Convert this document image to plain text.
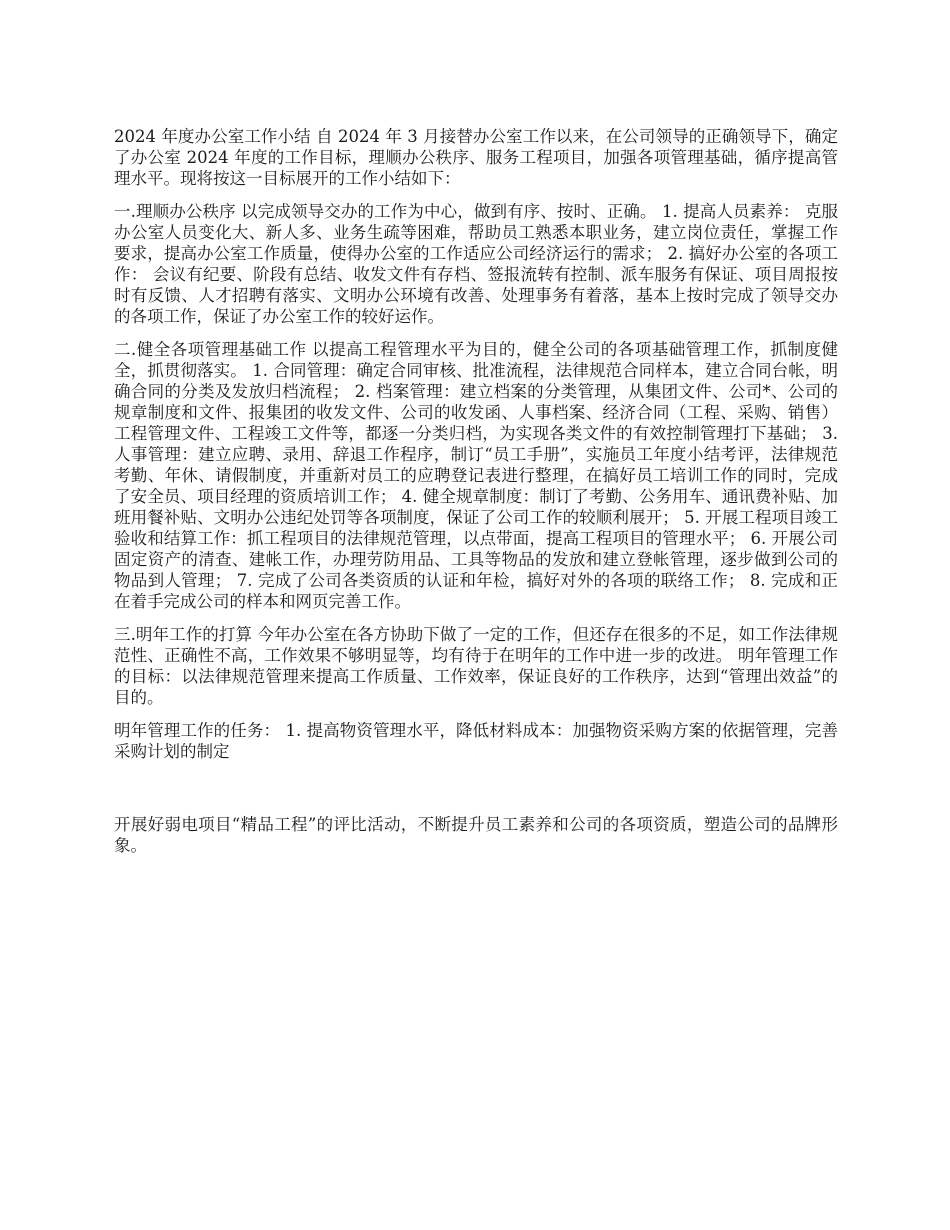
2024 年度办公室工作小结 自 2024 年 3 月接替办公室工作以来，在公司领导的正确领导下，确定了办公室 2024 年度的工作目标，理顺办公秩序、服务工程项目，加强各项管理基础，循序提高管理水平。现将按这一目标展开的工作小结如下：

一.理顺办公秩序 以完成领导交办的工作为中心，做到有序、按时、正确。 1. 提高人员素养： 克服办公室人员变化大、新人多、业务生疏等困难，帮助员工熟悉本职业务，建立岗位责任，掌握工作要求，提高办公室工作质量，使得办公室的工作适应公司经济运行的需求； 2. 搞好办公室的各项工作： 会议有纪要、阶段有总结、收发文件有存档、签报流转有控制、派车服务有保证、项目周报按时有反馈、人才招聘有落实、文明办公环境有改善、处理事务有着落，基本上按时完成了领导交办的各项工作，保证了办公室工作的较好运作。

二.健全各项管理基础工作 以提高工程管理水平为目的，健全公司的各项基础管理工作，抓制度健全，抓贯彻落实。 1. 合同管理：确定合同审核、批准流程，法律规范合同样本，建立合同台帐，明确合同的分类及发放归档流程； 2. 档案管理：建立档案的分类管理，从集团文件、公司*、公司的规章制度和文件、报集团的收发文件、公司的收发函、人事档案、经济合同（工程、采购、销售）工程管理文件、工程竣工文件等，都逐一分类归档，为实现各类文件的有效控制管理打下基础； 3. 人事管理：建立应聘、录用、辞退工作程序，制订“员工手册”，实施员工年度小结考评，法律规范考勤、年休、请假制度，并重新对员工的应聘登记表进行整理，在搞好员工培训工作的同时，完成了安全员、项目经理的资质培训工作； 4. 健全规章制度：制订了考勤、公务用车、通讯费补贴、加班用餐补贴、文明办公违纪处罚等各项制度，保证了公司工作的较顺利展开； 5. 开展工程项目竣工验收和结算工作：抓工程项目的法律规范管理，以点带面，提高工程项目的管理水平； 6. 开展公司固定资产的清查、建帐工作，办理劳防用品、工具等物品的发放和建立登帐管理，逐步做到公司的物品到人管理； 7. 完成了公司各类资质的认证和年检，搞好对外的各项的联络工作； 8. 完成和正在着手完成公司的样本和网页完善工作。

三.明年工作的打算 今年办公室在各方协助下做了一定的工作，但还存在很多的不足，如工作法律规范性、正确性不高，工作效果不够明显等，均有待于在明年的工作中进一步的改进。 明年管理工作的目标：以法律规范管理来提高工作质量、工作效率，保证良好的工作秩序，达到“管理出效益”的目的。

明年管理工作的任务： 1. 提高物资管理水平，降低材料成本：加强物资采购方案的依据管理，完善采购计划的制定

开展好弱电项目“精品工程”的评比活动，不断提升员工素养和公司的各项资质，塑造公司的品牌形象。
